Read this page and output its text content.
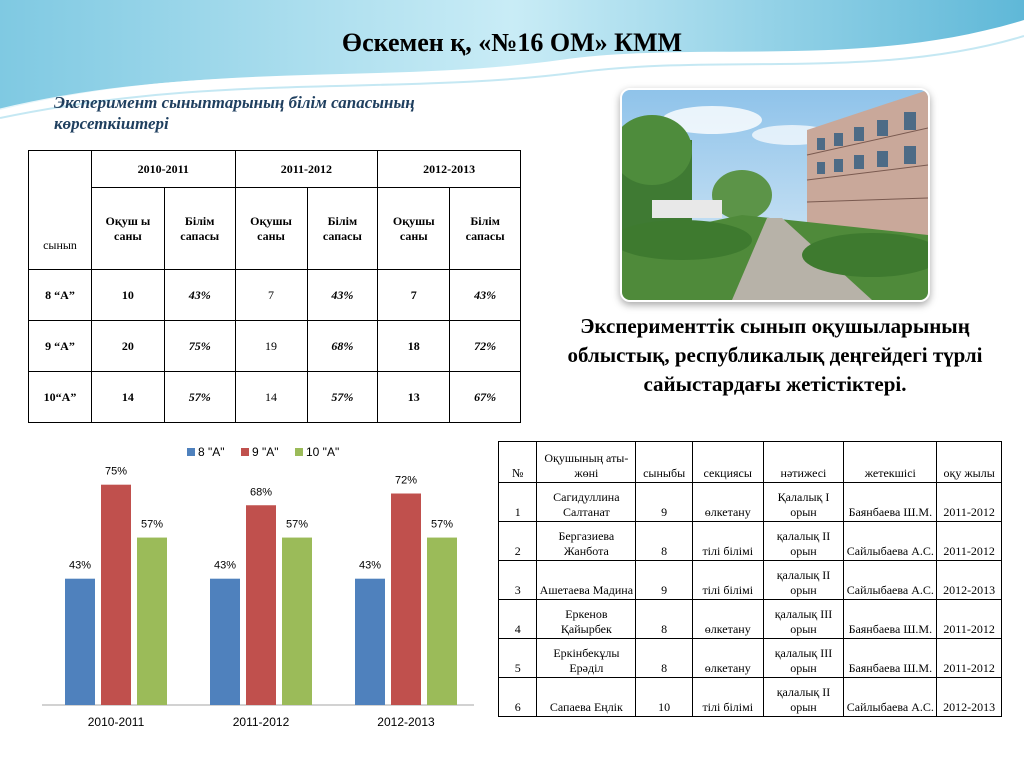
Өскемен қ, «№16 ОМ» КММ
Эксперимент сыныптарының білім сапасының көрсеткіштері
сыныn	2010-2011		2011-2012		2012-2013	
	Оқуш ы саны	Білім сапасы	Оқушы саны	Білім сапасы	Оқушы саны	Білім сапасы
8 “А”	10	43%	7	43%	7	43%
9 “А”	20	75%	19	68%	18	72%
10“А”	14	57%	14	57%	13	67%
Эксперименттік сынып оқушыларының облыстық, республикалық деңгейдегі түрлі сайыстардағы жетістіктері.
№	Оқушының аты-жөні	сыныбы	секциясы	нәтижесі	жетекшісі	оқу жылы
1	Сагидуллина Салтанат	9	өлкетану	Қалалық I орын	Баянбаева Ш.М.	2011-2012
2	Бергазиева Жанбота	8	тілі білімі	қалалық II орын	Сайлыбаева А.С.	2011-2012
3	Ашетаева Мадина	9	тілі білімі	қалалық II орын	Сайлыбаева А.С.	2012-2013
4	Еркенов Қайырбек	8	өлкетану	қалалық III орын	Баянбаева Ш.М.	2011-2012
5	Еркінбекұлы Ерәділ	8	өлкетану	қалалық III орын	Баянбаева Ш.М.	2011-2012
6	Сапаева Еңлік	10	тілі білімі	қалалық II орын	Сайлыбаева А.С.	2012-2013
8 "А" 9 "А" 10 "А"
43%
75%
57%
2010-2011
43%
68%
57%
2011-2012
43%
72%
57%
2012-2013
